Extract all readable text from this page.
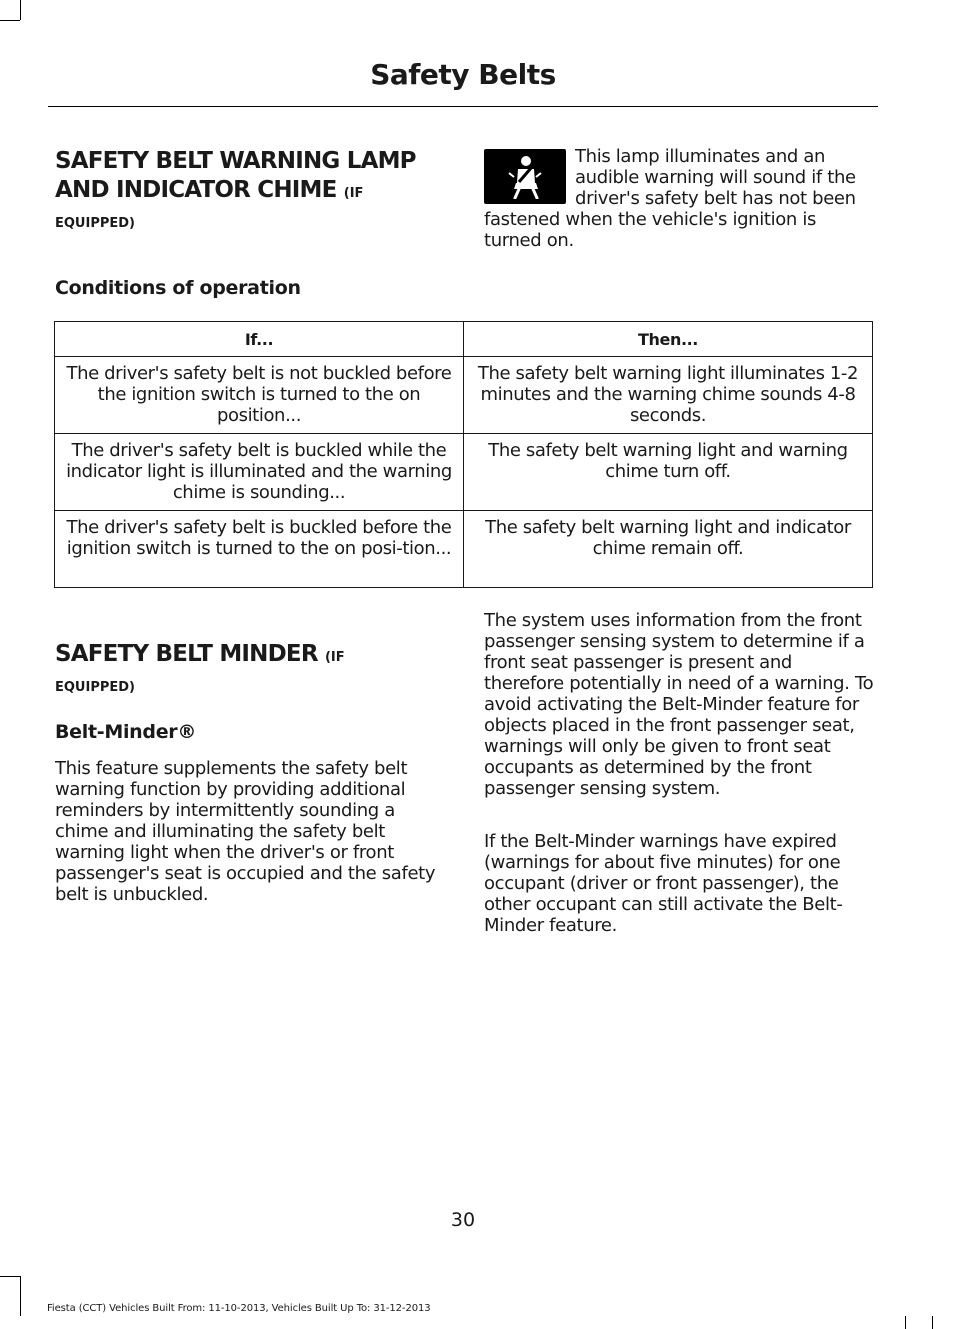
Safety Belts
SAFETY BELT WARNING LAMP AND INDICATOR CHIME (IF
EQUIPPED)

This lamp illuminates and an audible warning will sound if the driver's safety belt has not been fastened when the vehicle's ignition is turned on.

Conditions of operation
If...	Then...
The driver's safety belt is not buckled before the ignition switch is turned to the on position...	The safety belt warning light illuminates 1-2 minutes and the warning chime sounds 4-8 seconds.
The driver's safety belt is buckled while the indicator light is illuminated and the warning chime is sounding...	The safety belt warning light and warning chime turn off.
The driver's safety belt is buckled before the ignition switch is turned to the on posi-tion...	The safety belt warning light and indicator chime remain off.
SAFETY BELT MINDER (IF
EQUIPPED)
Belt-Minder®

This feature supplements the safety belt warning function by providing additional reminders by intermittently sounding a chime and illuminating the safety belt warning light when the driver's or front passenger's seat is occupied and the safety belt is unbuckled.

The system uses information from the front passenger sensing system to determine if a front seat passenger is present and therefore potentially in need of a warning. To avoid activating the Belt-Minder feature for objects placed in the front passenger seat, warnings will only be given to front seat occupants as determined by the front passenger sensing system.

If the Belt-Minder warnings have expired (warnings for about five minutes) for one occupant (driver or front passenger), the other occupant can still activate the Belt-Minder feature.

30
Fiesta (CCT) Vehicles Built From: 11-10-2013, Vehicles Built Up To: 31-12-2013
